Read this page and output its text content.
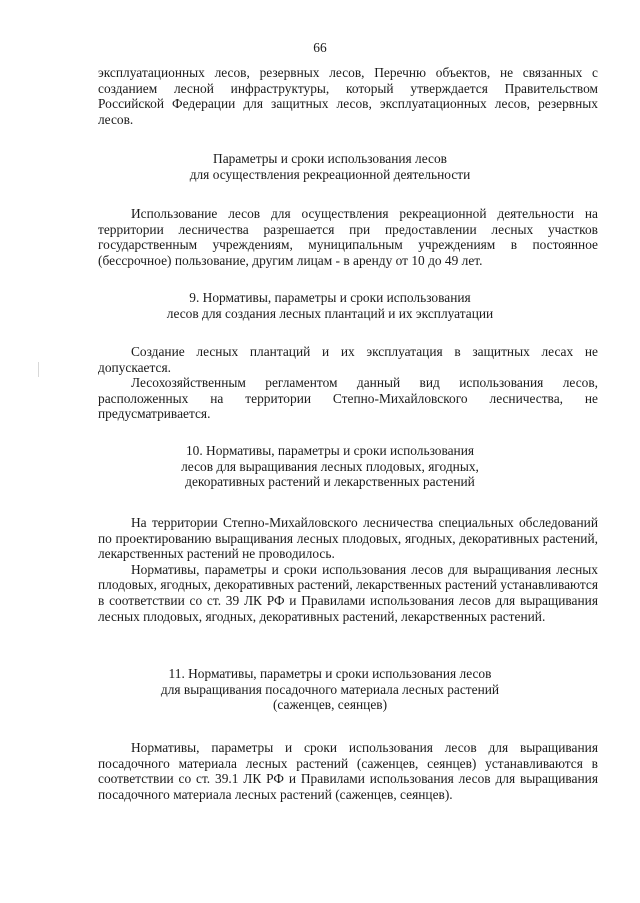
66

эксплуатационных лесов, резервных лесов, Перечню объектов, не связанных с созданием лесной инфраструктуры, который утверждается Правительством Российской Федерации для защитных лесов, эксплуатационных лесов, резервных лесов.

Параметры и сроки использования лесов
для осуществления рекреационной деятельности

Использование лесов для осуществления рекреационной деятельности на территории лесничества разрешается при предоставлении лесных участков государственным учреждениям, муниципальным учреждениям в постоянное (бессрочное) пользование, другим лицам - в аренду от 10 до 49 лет.

9. Нормативы, параметры и сроки использования
лесов для создания лесных плантаций и их эксплуатации

Создание лесных плантаций и их эксплуатация в защитных лесах не допускается.

Лесохозяйственным регламентом данный вид использования лесов, расположенных на территории Степно-Михайловского лесничества, не предусматривается.

10. Нормативы, параметры и сроки использования
лесов для выращивания лесных плодовых, ягодных,
декоративных растений и лекарственных растений

На территории Степно-Михайловского лесничества специальных обследований по проектированию выращивания лесных плодовых, ягодных, декоративных растений, лекарственных растений не проводилось.

Нормативы, параметры и сроки использования лесов для выращивания лесных плодовых, ягодных, декоративных растений, лекарственных растений устанавливаются в соответствии со ст. 39 ЛК РФ и Правилами использования лесов для выращивания лесных плодовых, ягодных, декоративных растений, лекарственных растений.

11. Нормативы, параметры и сроки использования лесов
для выращивания посадочного материала лесных растений
(саженцев, сеянцев)

Нормативы, параметры и сроки использования лесов для выращивания посадочного материала лесных растений (саженцев, сеянцев) устанавливаются в соответствии со ст. 39.1 ЛК РФ и Правилами использования лесов для выращивания посадочного материала лесных растений (саженцев, сеянцев).
